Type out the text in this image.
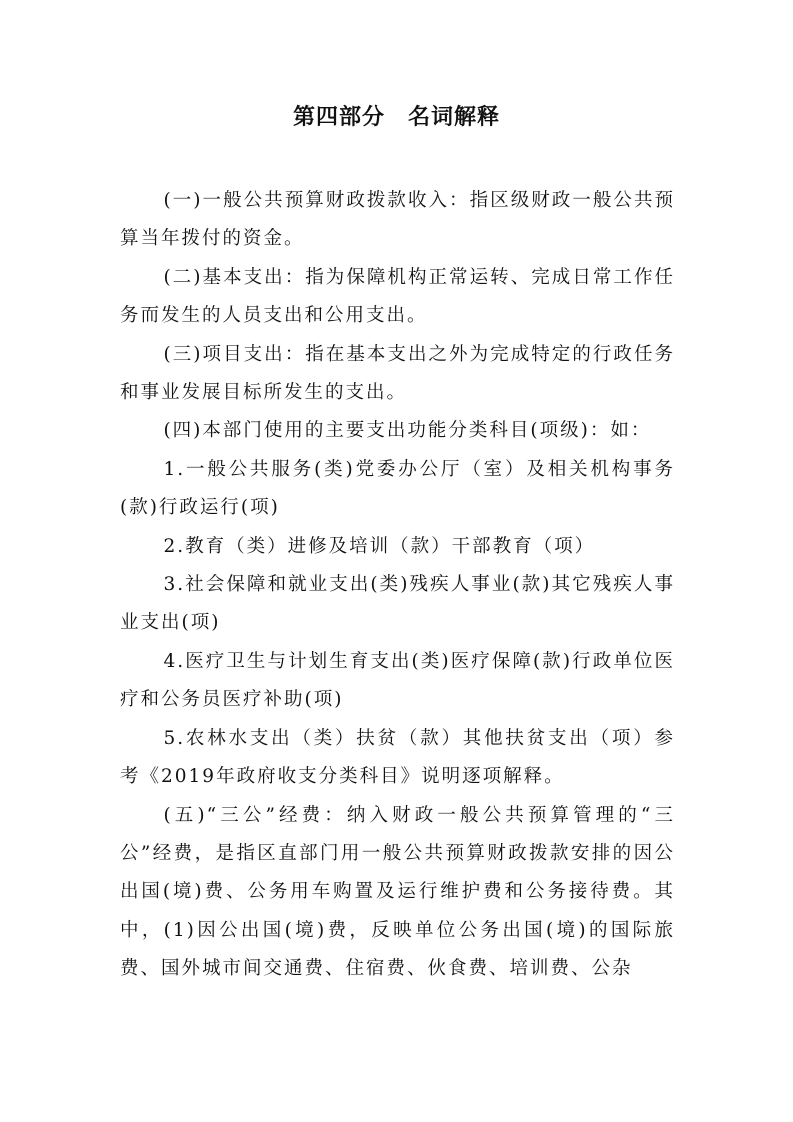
第四部分　名词解释

(一)一般公共预算财政拨款收入：指区级财政一般公共预算当年拨付的资金。

(二)基本支出：指为保障机构正常运转、完成日常工作任务而发生的人员支出和公用支出。

(三)项目支出：指在基本支出之外为完成特定的行政任务和事业发展目标所发生的支出。

(四)本部门使用的主要支出功能分类科目(项级)：如：

1.一般公共服务(类)党委办公厅（室）及相关机构事务(款)行政运行(项)

2.教育（类）进修及培训（款）干部教育（项）

3.社会保障和就业支出(类)残疾人事业(款)其它残疾人事业支出(项)

4.医疗卫生与计划生育支出(类)医疗保障(款)行政单位医疗和公务员医疗补助(项)

5.农林水支出（类）扶贫（款）其他扶贫支出（项）参考《2019年政府收支分类科目》说明逐项解释。

(五)“三公”经费：纳入财政一般公共预算管理的“三公”经费，是指区直部门用一般公共预算财政拨款安排的因公出国(境)费、公务用车购置及运行维护费和公务接待费。其中，(1)因公出国(境)费，反映单位公务出国(境)的国际旅费、国外城市间交通费、住宿费、伙食费、培训费、公杂
